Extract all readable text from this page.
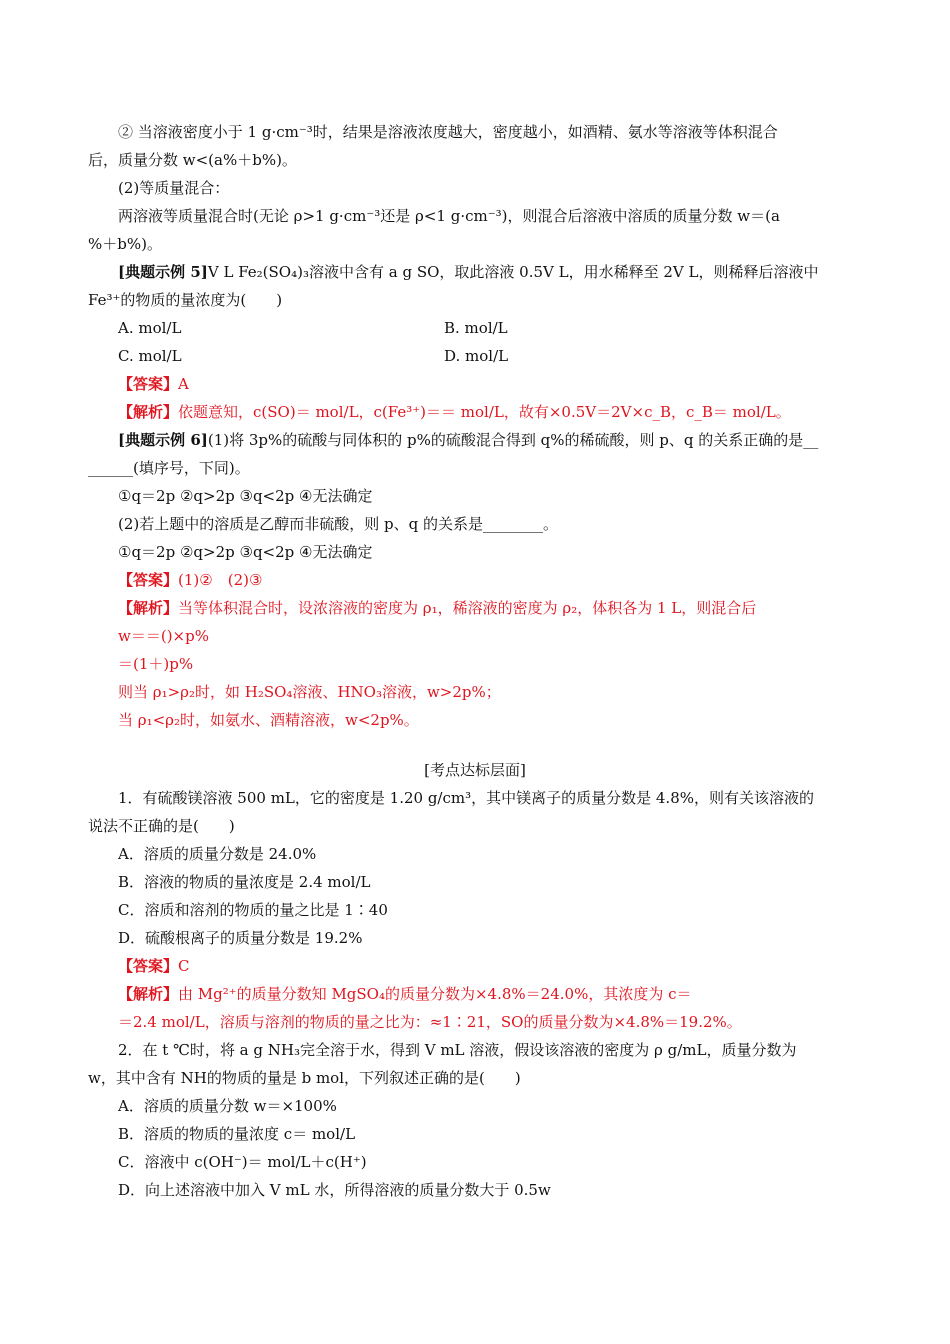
② 当溶液密度小于 1 g·cm⁻³时，结果是溶液浓度越大，密度越小，如酒精、氨水等溶液等体积混合
后，质量分数 w<(a%＋b%)。
(2)等质量混合：
两溶液等质量混合时(无论 ρ>1 g·cm⁻³还是 ρ<1 g·cm⁻³)，则混合后溶液中溶质的质量分数 w＝(a
%＋b%)。
[典题示例 5]V L Fe₂(SO₄)₃溶液中含有 a g SO，取此溶液 0.5V L，用水稀释至 2V L，则稀释后溶液中
Fe³⁺的物质的量浓度为(　　)
A. mol/L	B. mol/L
C. mol/L	D. mol/L
【答案】A
【解析】依题意知，c(SO)＝ mol/L，c(Fe³⁺)＝＝ mol/L，故有×0.5V＝2V×c_B，c_B＝ mol/L。
[典题示例 6](1)将 3p%的硫酸与同体积的 p%的硫酸混合得到 q%的稀硫酸，则 p、q 的关系正确的是__
______(填序号，下同)。
①q＝2p ②q>2p ③q<2p ④无法确定
(2)若上题中的溶质是乙醇而非硫酸，则 p、q 的关系是________。
①q＝2p ②q>2p ③q<2p ④无法确定
【答案】(1)②　(2)③
【解析】当等体积混合时，设浓溶液的密度为 ρ₁，稀溶液的密度为 ρ₂，体积各为 1 L，则混合后
w＝＝()×p%
＝(1＋)p%
则当 ρ₁>ρ₂时，如 H₂SO₄溶液、HNO₃溶液，w>2p%；
当 ρ₁<ρ₂时，如氨水、酒精溶液，w<2p%。
[考点达标层面]
1．有硫酸镁溶液 500 mL，它的密度是 1.20 g/cm³，其中镁离子的质量分数是 4.8%，则有关该溶液的
说法不正确的是(　　)
A．溶质的质量分数是 24.0%
B．溶液的物质的量浓度是 2.4 mol/L
C．溶质和溶剂的物质的量之比是 1∶40
D．硫酸根离子的质量分数是 19.2%
【答案】C
【解析】由 Mg²⁺的质量分数知 MgSO₄的质量分数为×4.8%＝24.0%，其浓度为 c＝
＝2.4 mol/L，溶质与溶剂的物质的量之比为：≈1∶21，SO的质量分数为×4.8%＝19.2%。
2．在 t ℃时，将 a g NH₃完全溶于水，得到 V mL 溶液，假设该溶液的密度为 ρ g/mL，质量分数为
w，其中含有 NH的物质的量是 b mol，下列叙述正确的是(　　)
A．溶质的质量分数 w＝×100%
B．溶质的物质的量浓度 c＝ mol/L
C．溶液中 c(OH⁻)＝ mol/L＋c(H⁺)
D．向上述溶液中加入 V mL 水，所得溶液的质量分数大于 0.5w
